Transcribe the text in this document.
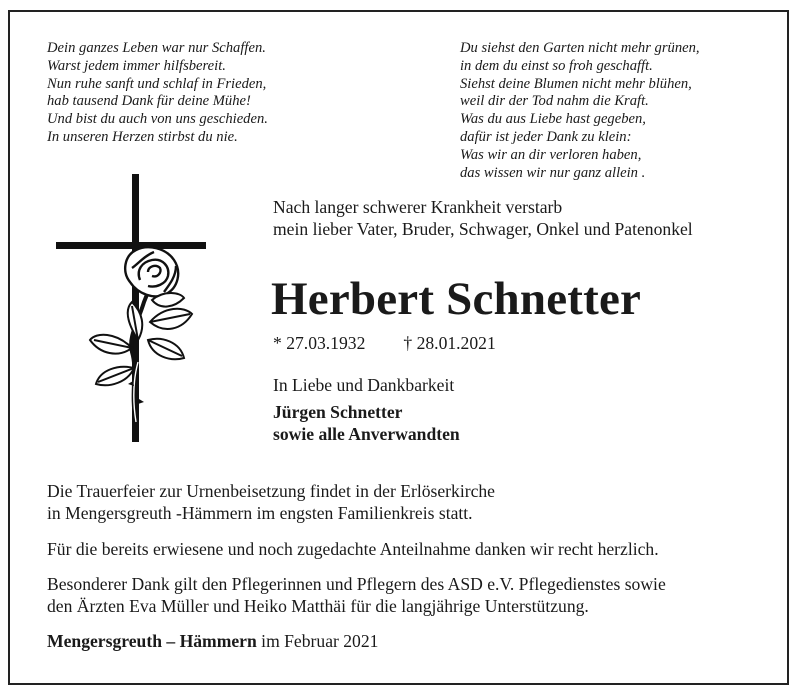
Dein ganzes Leben war nur Schaffen.
Warst jedem immer hilfsbereit.
Nun ruhe sanft und schlaf in Frieden,
hab tausend Dank für deine Mühe!
Und bist du auch von uns geschieden.
In unseren Herzen stirbst du nie.
Du siehst den Garten nicht mehr grünen,
in dem du einst so froh geschafft.
Siehst deine Blumen nicht mehr blühen,
weil dir der Tod nahm die Kraft.
Was du aus Liebe hast gegeben,
dafür ist jeder Dank zu klein:
Was wir an dir verloren haben,
das wissen wir nur ganz allein .
Nach langer schwerer Krankheit verstarb
mein lieber Vater, Bruder, Schwager, Onkel und Patenonkel
Herbert Schnetter
* 27.03.1932 † 28.01.2021
In Liebe und Dankbarkeit
Jürgen Schnetter
sowie alle Anverwandten
Die Trauerfeier zur Urnenbeisetzung findet in der Erlöserkirche
in Mengersgreuth -Hämmern im engsten Familienkreis statt.
Für die bereits erwiesene und noch zugedachte Anteilnahme danken wir recht herzlich.
Besonderer Dank gilt den Pflegerinnen und Pflegern des ASD e.V. Pflegedienstes sowie
den Ärzten Eva Müller und Heiko Matthäi für die langjährige Unterstützung.
Mengersgreuth – Hämmern im Februar 2021
